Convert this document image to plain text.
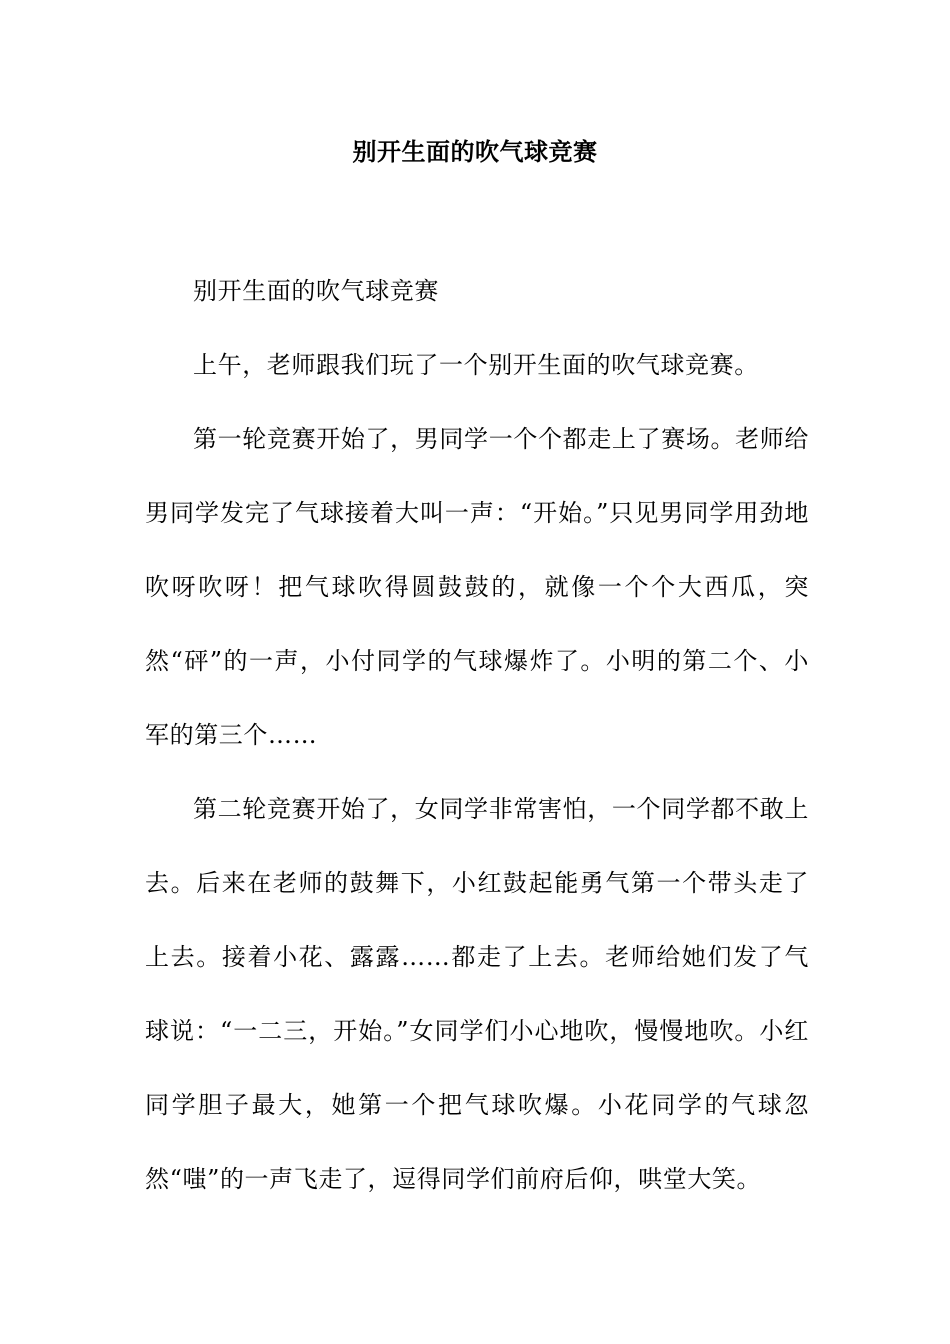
别开生面的吹气球竞赛

别开生面的吹气球竞赛

上午，老师跟我们玩了一个别开生面的吹气球竞赛。

第一轮竞赛开始了，男同学一个个都走上了赛场。老师给男同学发完了气球接着大叫一声：“开始。”只见男同学用劲地吹呀吹呀！把气球吹得圆鼓鼓的，就像一个个大西瓜，突然“砰”的一声，小付同学的气球爆炸了。小明的第二个、小军的第三个……

第二轮竞赛开始了，女同学非常害怕，一个同学都不敢上去。后来在老师的鼓舞下，小红鼓起能勇气第一个带头走了上去。接着小花、露露……都走了上去。老师给她们发了气球说：“一二三，开始。”女同学们小心地吹，慢慢地吹。小红同学胆子最大，她第一个把气球吹爆。小花同学的气球忽然“嗤”的一声飞走了，逗得同学们前府后仰，哄堂大笑。
